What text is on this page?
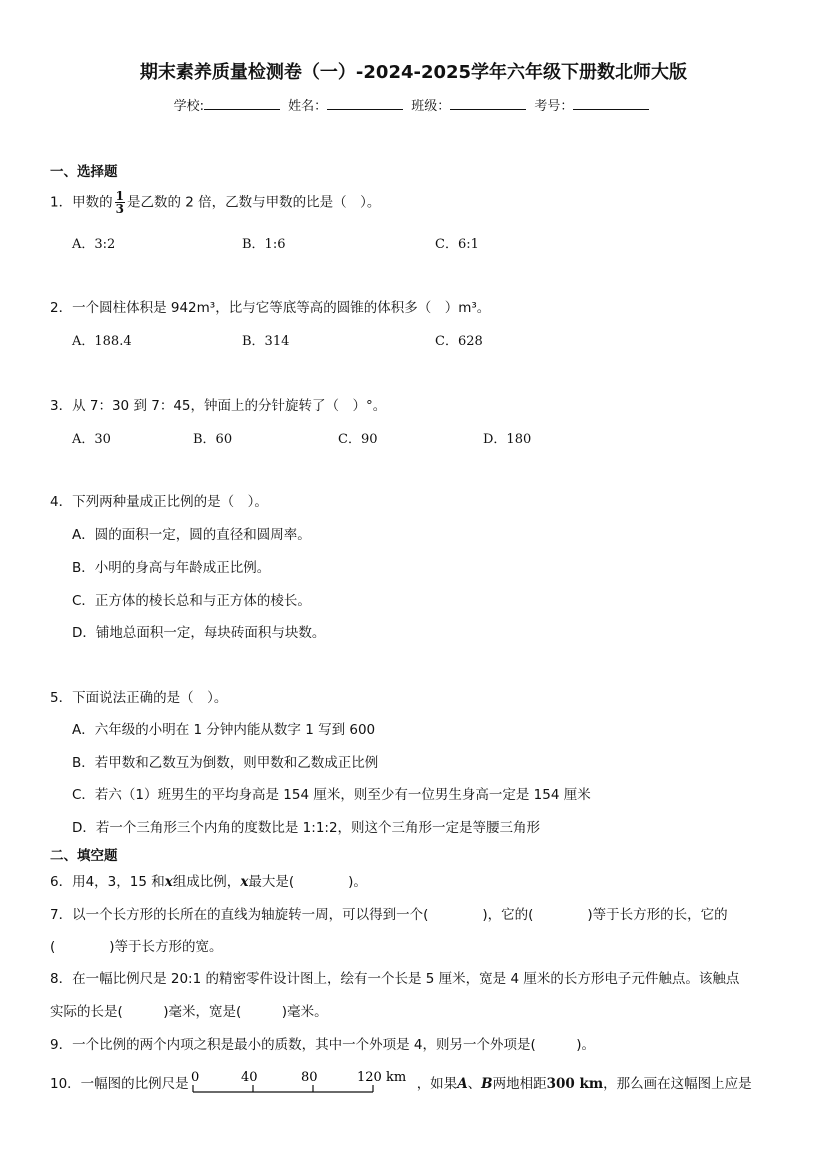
期末素养质量检测卷（一）-2024-2025学年六年级下册数北师大版
学校:	姓名：	班级：	考号：
一、选择题
1．甲数的 $\frac{1}{3}$ 是乙数的 2 倍，乙数与甲数的比是（　）。
A．3:2	B．1:6	C．6:1
2．一个圆柱体积是 942m³，比与它等底等高的圆锥的体积多（　）m³。
A．188.4	B．314	C．628
3．从 7：30 到 7：45，钟面上的分针旋转了（　）°。
A．30	B．60	C．90	D．180
4．下列两种量成正比例的是（　）。
A．圆的面积一定，圆的直径和圆周率。
B．小明的身高与年龄成正比例。
C．正方体的棱长总和与正方体的棱长。
D．铺地总面积一定，每块砖面积与块数。
5．下面说法正确的是（　）。
A．六年级的小明在 1 分钟内能从数字 1 写到 600
B．若甲数和乙数互为倒数，则甲数和乙数成正比例
C．若六（1）班男生的平均身高是 154 厘米，则至少有一位男生身高一定是 154 厘米
D．若一个三角形三个内角的度数比是 1:1:2，则这个三角形一定是等腰三角形
二、填空题
6．用4，3，15 和x组成比例，x最大是(　　　　)。
7．以一个长方形的长所在的直线为轴旋转一周，可以得到一个(　　　　)，它的(　　　　)等于长方形的长，它的
(　　　　)等于长方形的宽。
8．在一幅比例尺是 20:1 的精密零件设计图上，绘有一个长是 5 厘米，宽是 4 厘米的长方形电子元件触点。该触点
实际的长是(　　　)毫米，宽是(　　　)毫米。
9．一个比例的两个内项之积是最小的质数，其中一个外项是 4，则另一个外项是(　　　)。
10．一幅图的比例尺是 0	40	80	120 km ，如果A、B两地相距300 km，那么画在这幅图上应是
